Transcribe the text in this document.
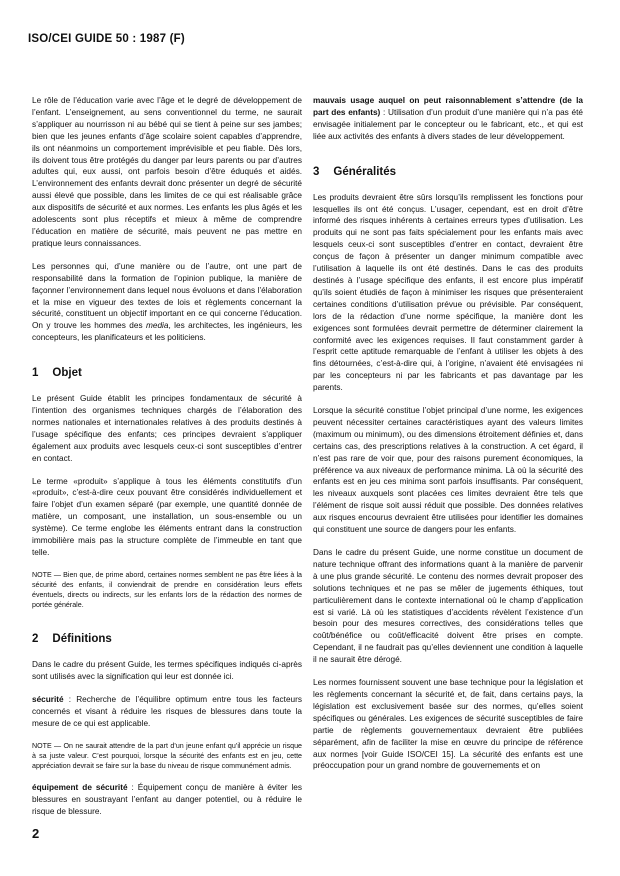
ISO/CEI GUIDE 50 : 1987 (F)

Le rôle de l’éducation varie avec l’âge et le degré de développement de l’enfant. L’enseignement, au sens conventionnel du terme, ne saurait s’appliquer au nourrisson ni au bébé qui se tient à peine sur ses jambes; bien que les jeunes enfants d’âge scolaire soient capables d’apprendre, ils ont néanmoins un comportement imprévisible et peu fiable. Dès lors, ils doivent tous être protégés du danger par leurs parents ou par d’autres adultes qui, eux aussi, ont parfois besoin d’être éduqués et aidés. L’environnement des enfants devrait donc présenter un degré de sécurité aussi élevé que possible, dans les limites de ce qui est réalisable grâce aux dispositifs de sécurité et aux normes. Les enfants les plus âgés et les adolescents sont plus réceptifs et mieux à même de comprendre l’éducation en matière de sécurité, mais peuvent ne pas mettre en pratique leurs connaissances.

Les personnes qui, d’une manière ou de l’autre, ont une part de responsabilité dans la formation de l’opinion publique, la manière de façonner l’environnement dans lequel nous évoluons et dans l’élaboration et la mise en vigueur des textes de lois et règlements concernant la sécurité, constituent un objectif important en ce qui concerne l’éducation. On y trouve les hommes des media, les architectes, les ingénieurs, les concepteurs, les planificateurs et les politiciens.

1 Objet

Le présent Guide établit les principes fondamentaux de sécurité à l’intention des organismes techniques chargés de l’élaboration des normes nationales et internationales relatives à des produits destinés à l’usage spécifique des enfants; ces principes devraient s’appliquer également aux produits avec lesquels ceux-ci sont susceptibles d’entrer en contact.

Le terme «produit» s’applique à tous les éléments constitutifs d’un «produit», c’est-à-dire ceux pouvant être considérés individuellement et faire l’objet d’un examen séparé (par exemple, une quantité donnée de matière, un composant, une installation, un sous-ensemble ou un système). Ce terme englobe les éléments entrant dans la construction immobilière mais pas la structure complète de l’immeuble en tant que telle.

NOTE — Bien que, de prime abord, certaines normes semblent ne pas être liées à la sécurité des enfants, il conviendrait de prendre en considération leurs effets éventuels, directs ou indirects, sur les enfants lors de la rédaction des normes de portée générale.

2 Définitions

Dans le cadre du présent Guide, les termes spécifiques indiqués ci-après sont utilisés avec la signification qui leur est donnée ici.

sécurité : Recherche de l’équilibre optimum entre tous les facteurs concernés et visant à réduire les risques de blessures dans toute la mesure de ce qui est applicable.

NOTE — On ne saurait attendre de la part d’un jeune enfant qu’il apprécie un risque à sa juste valeur. C’est pourquoi, lorsque la sécurité des enfants est en jeu, cette appréciation devrait se faire sur la base du niveau de risque communément admis.

équipement de sécurité : Équipement conçu de manière à éviter les blessures en soustrayant l’enfant au danger potentiel, ou à réduire le risque de blessure.

mauvais usage auquel on peut raisonnablement s’attendre (de la part des enfants) : Utilisation d’un produit d’une manière qui n’a pas été envisagée initialement par le concepteur ou le fabricant, etc., et qui est liée aux activités des enfants à divers stades de leur développement.

3 Généralités

Les produits devraient être sûrs lorsqu’ils remplissent les fonctions pour lesquelles ils ont été conçus. L’usager, cependant, est en droit d’être informé des risques inhérents à certaines erreurs types d’utilisation. Les produits qui ne sont pas faits spécialement pour les enfants mais avec lesquels ceux-ci sont susceptibles d’entrer en contact, devraient être conçus de façon à présenter un danger minimum compatible avec l’utilisation à laquelle ils ont été destinés. Dans le cas des produits destinés à l’usage spécifique des enfants, il est encore plus impératif qu’ils soient étudiés de façon à minimiser les risques que présenteraient certaines conditions d’utilisation prévue ou prévisible. Par conséquent, lors de la rédaction d’une norme spécifique, la manière dont les exigences sont formulées devrait permettre de déterminer clairement la conformité avec les exigences requises. Il faut constamment garder à l’esprit cette aptitude remarquable de l’enfant à utiliser les objets à des fins détournées, c’est-à-dire qui, à l’origine, n’avaient été envisagées ni par les concepteurs ni par les fabricants et pas davantage par les parents.

Lorsque la sécurité constitue l’objet principal d’une norme, les exigences peuvent nécessiter certaines caractéristiques ayant des valeurs limites (maximum ou minimum), ou des dimensions étroitement définies et, dans certains cas, des prescriptions relatives à la construction. A cet égard, il n’est pas rare de voir que, pour des raisons purement économiques, la préférence va aux niveaux de performance minima. Là où la sécurité des enfants est en jeu ces minima sont parfois insuffisants. Par conséquent, les niveaux auxquels sont placées ces limites devraient être tels que l’élément de risque soit aussi réduit que possible. Des données relatives aux risques encourus devraient être utilisées pour identifier les domaines qui constituent une source de dangers pour les enfants.

Dans le cadre du présent Guide, une norme constitue un document de nature technique offrant des informations quant à la manière de parvenir à une plus grande sécurité. Le contenu des normes devrait proposer des solutions techniques et ne pas se mêler de jugements éthiques, tout particulièrement dans le contexte international où le champ d’application est si varié. Là où les statistiques d’accidents révèlent l’existence d’un besoin pour des mesures correctives, des considérations telles que coût/bénéfice ou coût/efficacité doivent être prises en compte. Cependant, il ne faudrait pas qu’elles deviennent une condition à laquelle il ne saurait être dérogé.

Les normes fournissent souvent une base technique pour la législation et les règlements concernant la sécurité et, de fait, dans certains pays, la législation est exclusivement basée sur des normes, qu’elles soient spécifiques ou générales. Les exigences de sécurité susceptibles de faire partie de règlements gouvernementaux devraient être publiées séparément, afin de faciliter la mise en œuvre du principe de référence aux normes [voir Guide ISO/CEI 15]. La sécurité des enfants est une préoccupation pour un grand nombre de gouvernements et on

2
